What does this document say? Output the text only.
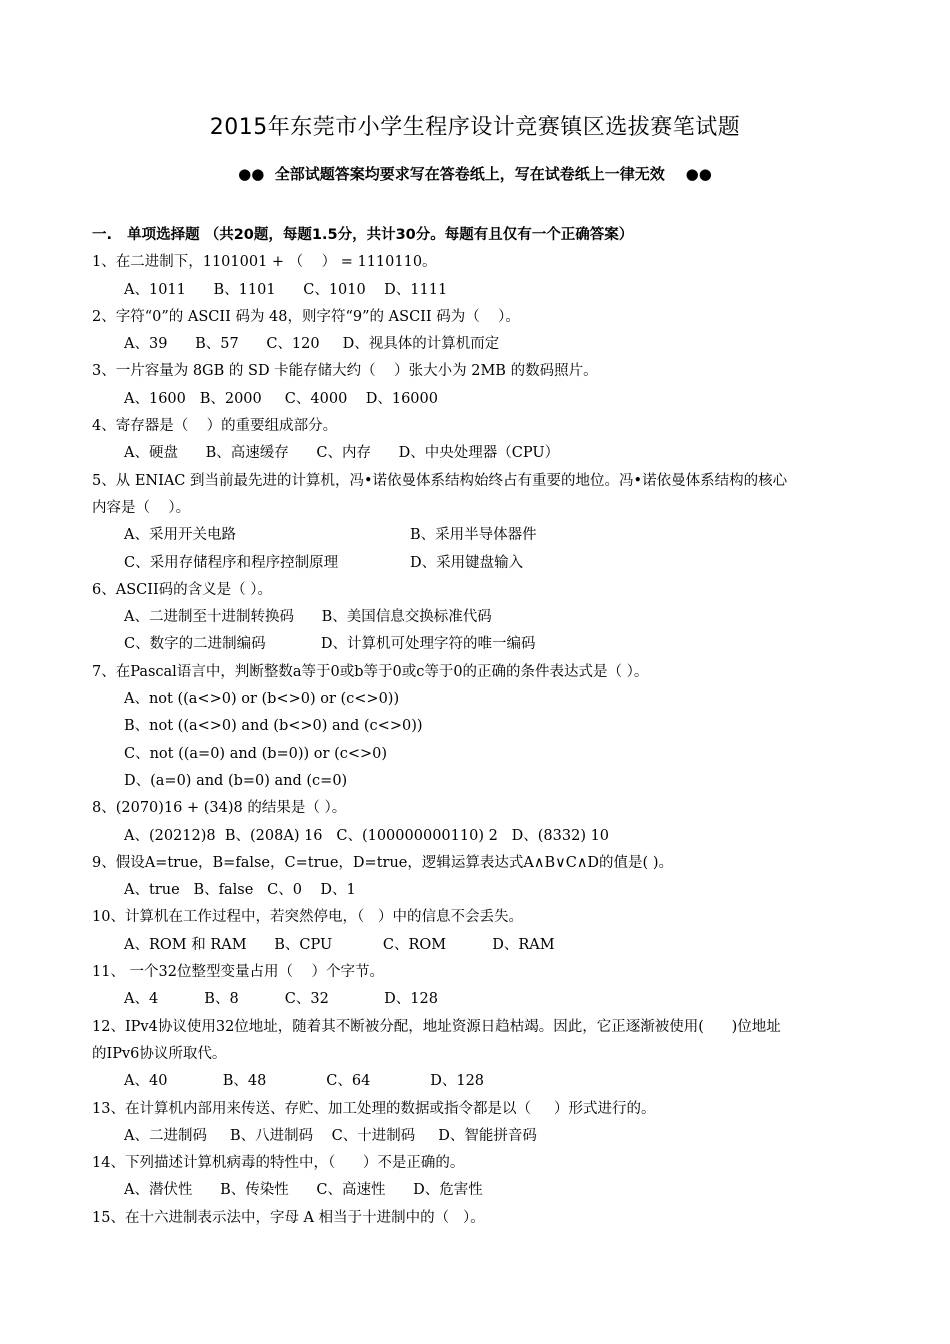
2015年东莞市小学生程序设计竞赛镇区选拔赛笔试题
●●  全部试题答案均要求写在答卷纸上，写在试卷纸上一律无效    ●●
一.   单项选择题 （共20题，每题1.5分，共计30分。每题有且仅有一个正确答案）
1、在二进制下，1101001 + （    ） = 1110110。
A、1011      B、1101      C、1010    D、1111
2、字符“0”的 ASCII 码为 48，则字符“9”的 ASCII 码为（    ）。
A、39      B、57      C、120     D、视具体的计算机而定
3、一片容量为 8GB 的 SD 卡能存储大约（    ）张大小为 2MB 的数码照片。
A、1600   B、2000     C、4000    D、16000
4、寄存器是（    ）的重要组成部分。
A、硬盘      B、高速缓存      C、内存      D、中央处理器（CPU）
5、从 ENIAC 到当前最先进的计算机，冯•诺依曼体系结构始终占有重要的地位。冯•诺依曼体系结构的核心
内容是（    ）。
A、采用开关电路	B、采用半导体器件
C、采用存储程序和程序控制原理	D、采用键盘输入
6、ASCII码的含义是（ ）。
A、二进制至十进制转换码      B、美国信息交换标准代码
C、数字的二进制编码            D、计算机可处理字符的唯一编码
7、在Pascal语言中，判断整数a等于0或b等于0或c等于0的正确的条件表达式是（ ）。
A、not ((a<>0) or (b<>0) or (c<>0))
B、not ((a<>0) and (b<>0) and (c<>0))
C、not ((a=0) and (b=0)) or (c<>0)
D、(a=0) and (b=0) and (c=0)
8、(2070)16 + (34)8 的结果是（ ）。
A、(20212)8  B、(208A) 16   C、(100000000110) 2   D、(8332) 10
9、假设A=true，B=false，C=true，D=true，逻辑运算表达式A∧B∨C∧D的值是( )。
A、true   B、false   C、0    D、1
10、计算机在工作过程中，若突然停电，（   ）中的信息不会丢失。
A、ROM 和 RAM      B、CPU           C、ROM          D、RAM
11、 一个32位整型变量占用（    ）个字节。
A、4          B、8          C、32            D、128
12、IPv4协议使用32位地址，随着其不断被分配，地址资源日趋枯竭。因此，它正逐渐被使用(      )位地址
的IPv6协议所取代。
A、40            B、48             C、64             D、128
13、在计算机内部用来传送、存贮、加工处理的数据或指令都是以（     ）形式进行的。
A、二进制码     B、八进制码    C、十进制码     D、智能拼音码
14、下列描述计算机病毒的特性中，（      ）不是正确的。
A、潜伏性      B、传染性      C、高速性      D、危害性
15、在十六进制表示法中，字母 A 相当于十进制中的（   ）。
